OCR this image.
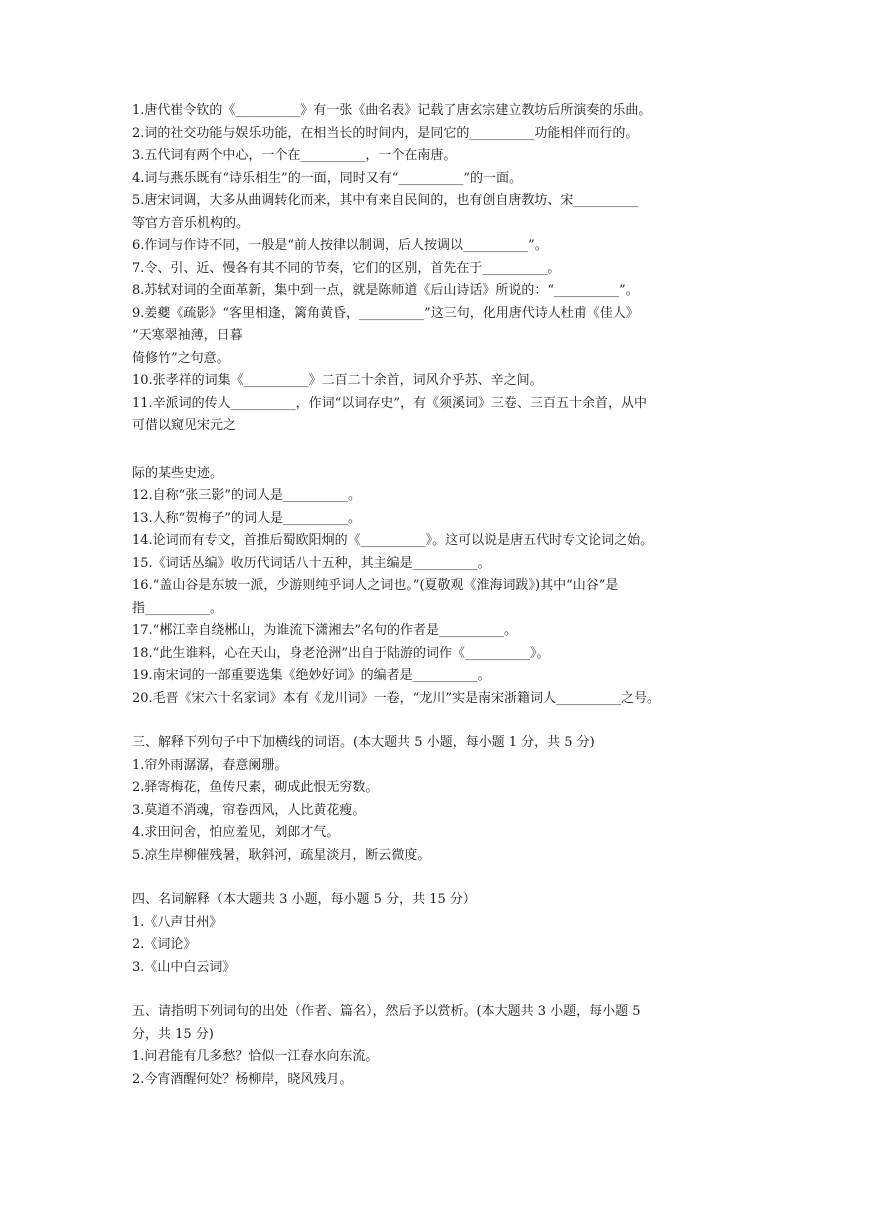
1.唐代崔令钦的《__________》有一张《曲名表》记载了唐玄宗建立教坊后所演奏的乐曲。

2.词的社交功能与娱乐功能，在相当长的时间内，是同它的__________功能相伴而行的。

3.五代词有两个中心，一个在__________，一个在南唐。

4.词与燕乐既有“诗乐相生”的一面，同时又有“__________”的一面。

5.唐宋词调，大多从曲调转化而来，其中有来自民间的，也有创自唐教坊、宋__________

等官方音乐机构的。

6.作词与作诗不同，一般是“前人按律以制调，后人按调以__________”。

7.令、引、近、慢各有其不同的节奏，它们的区别，首先在于__________。

8.苏轼对词的全面革新，集中到一点，就是陈师道《后山诗话》所说的：“__________”。

9.姜夔《疏影》“客里相逢，篱角黄昏，__________”这三句，化用唐代诗人杜甫《佳人》

“天寒翠袖薄，日暮

倚修竹”之句意。

10.张孝祥的词集《__________》二百二十余首，词风介乎苏、辛之间。

11.辛派词的传人__________，作词“以词存史”，有《须溪词》三卷、三百五十余首，从中

可借以窥见宋元之

际的某些史迹。

12.自称“张三影”的词人是__________。

13.人称“贺梅子”的词人是__________。

14.论词而有专文，首推后蜀欧阳炯的《__________》。这可以说是唐五代时专文论词之始。

15.《词话丛编》收历代词话八十五种，其主编是__________。

16.“盖山谷是东坡一派，少游则纯乎词人之词也。”(夏敬观《淮海词跋》)其中“山谷”是

指__________。

17.“郴江幸自绕郴山，为谁流下潇湘去”名句的作者是__________。

18.“此生谁料，心在天山，身老沧洲”出自于陆游的词作《__________》。

19.南宋词的一部重要选集《绝妙好词》的编者是__________。

20.毛晋《宋六十名家词》本有《龙川词》一卷，“龙川”实是南宋浙籍词人__________之号。

三、解释下列句子中下加横线的词语。(本大题共 5 小题，每小题 1 分，共 5 分)

1.帘外雨潺潺，春意阑珊。

2.驿寄梅花，鱼传尺素，砌成此恨无穷数。

3.莫道不消魂，帘卷西风，人比黄花瘦。

4.求田问舍，怕应羞见，刘郎才气。

5.凉生岸柳催残暑，耿斜河，疏星淡月，断云微度。

四、名词解释（本大题共 3 小题，每小题 5 分，共 15 分）

1.《八声甘州》

2.《词论》

3.《山中白云词》

五、请指明下列词句的出处（作者、篇名），然后予以赏析。(本大题共 3 小题，每小题 5

分，共 15 分)

1.问君能有几多愁？恰似一江春水向东流。

2.今宵酒醒何处？杨柳岸，晓风残月。
